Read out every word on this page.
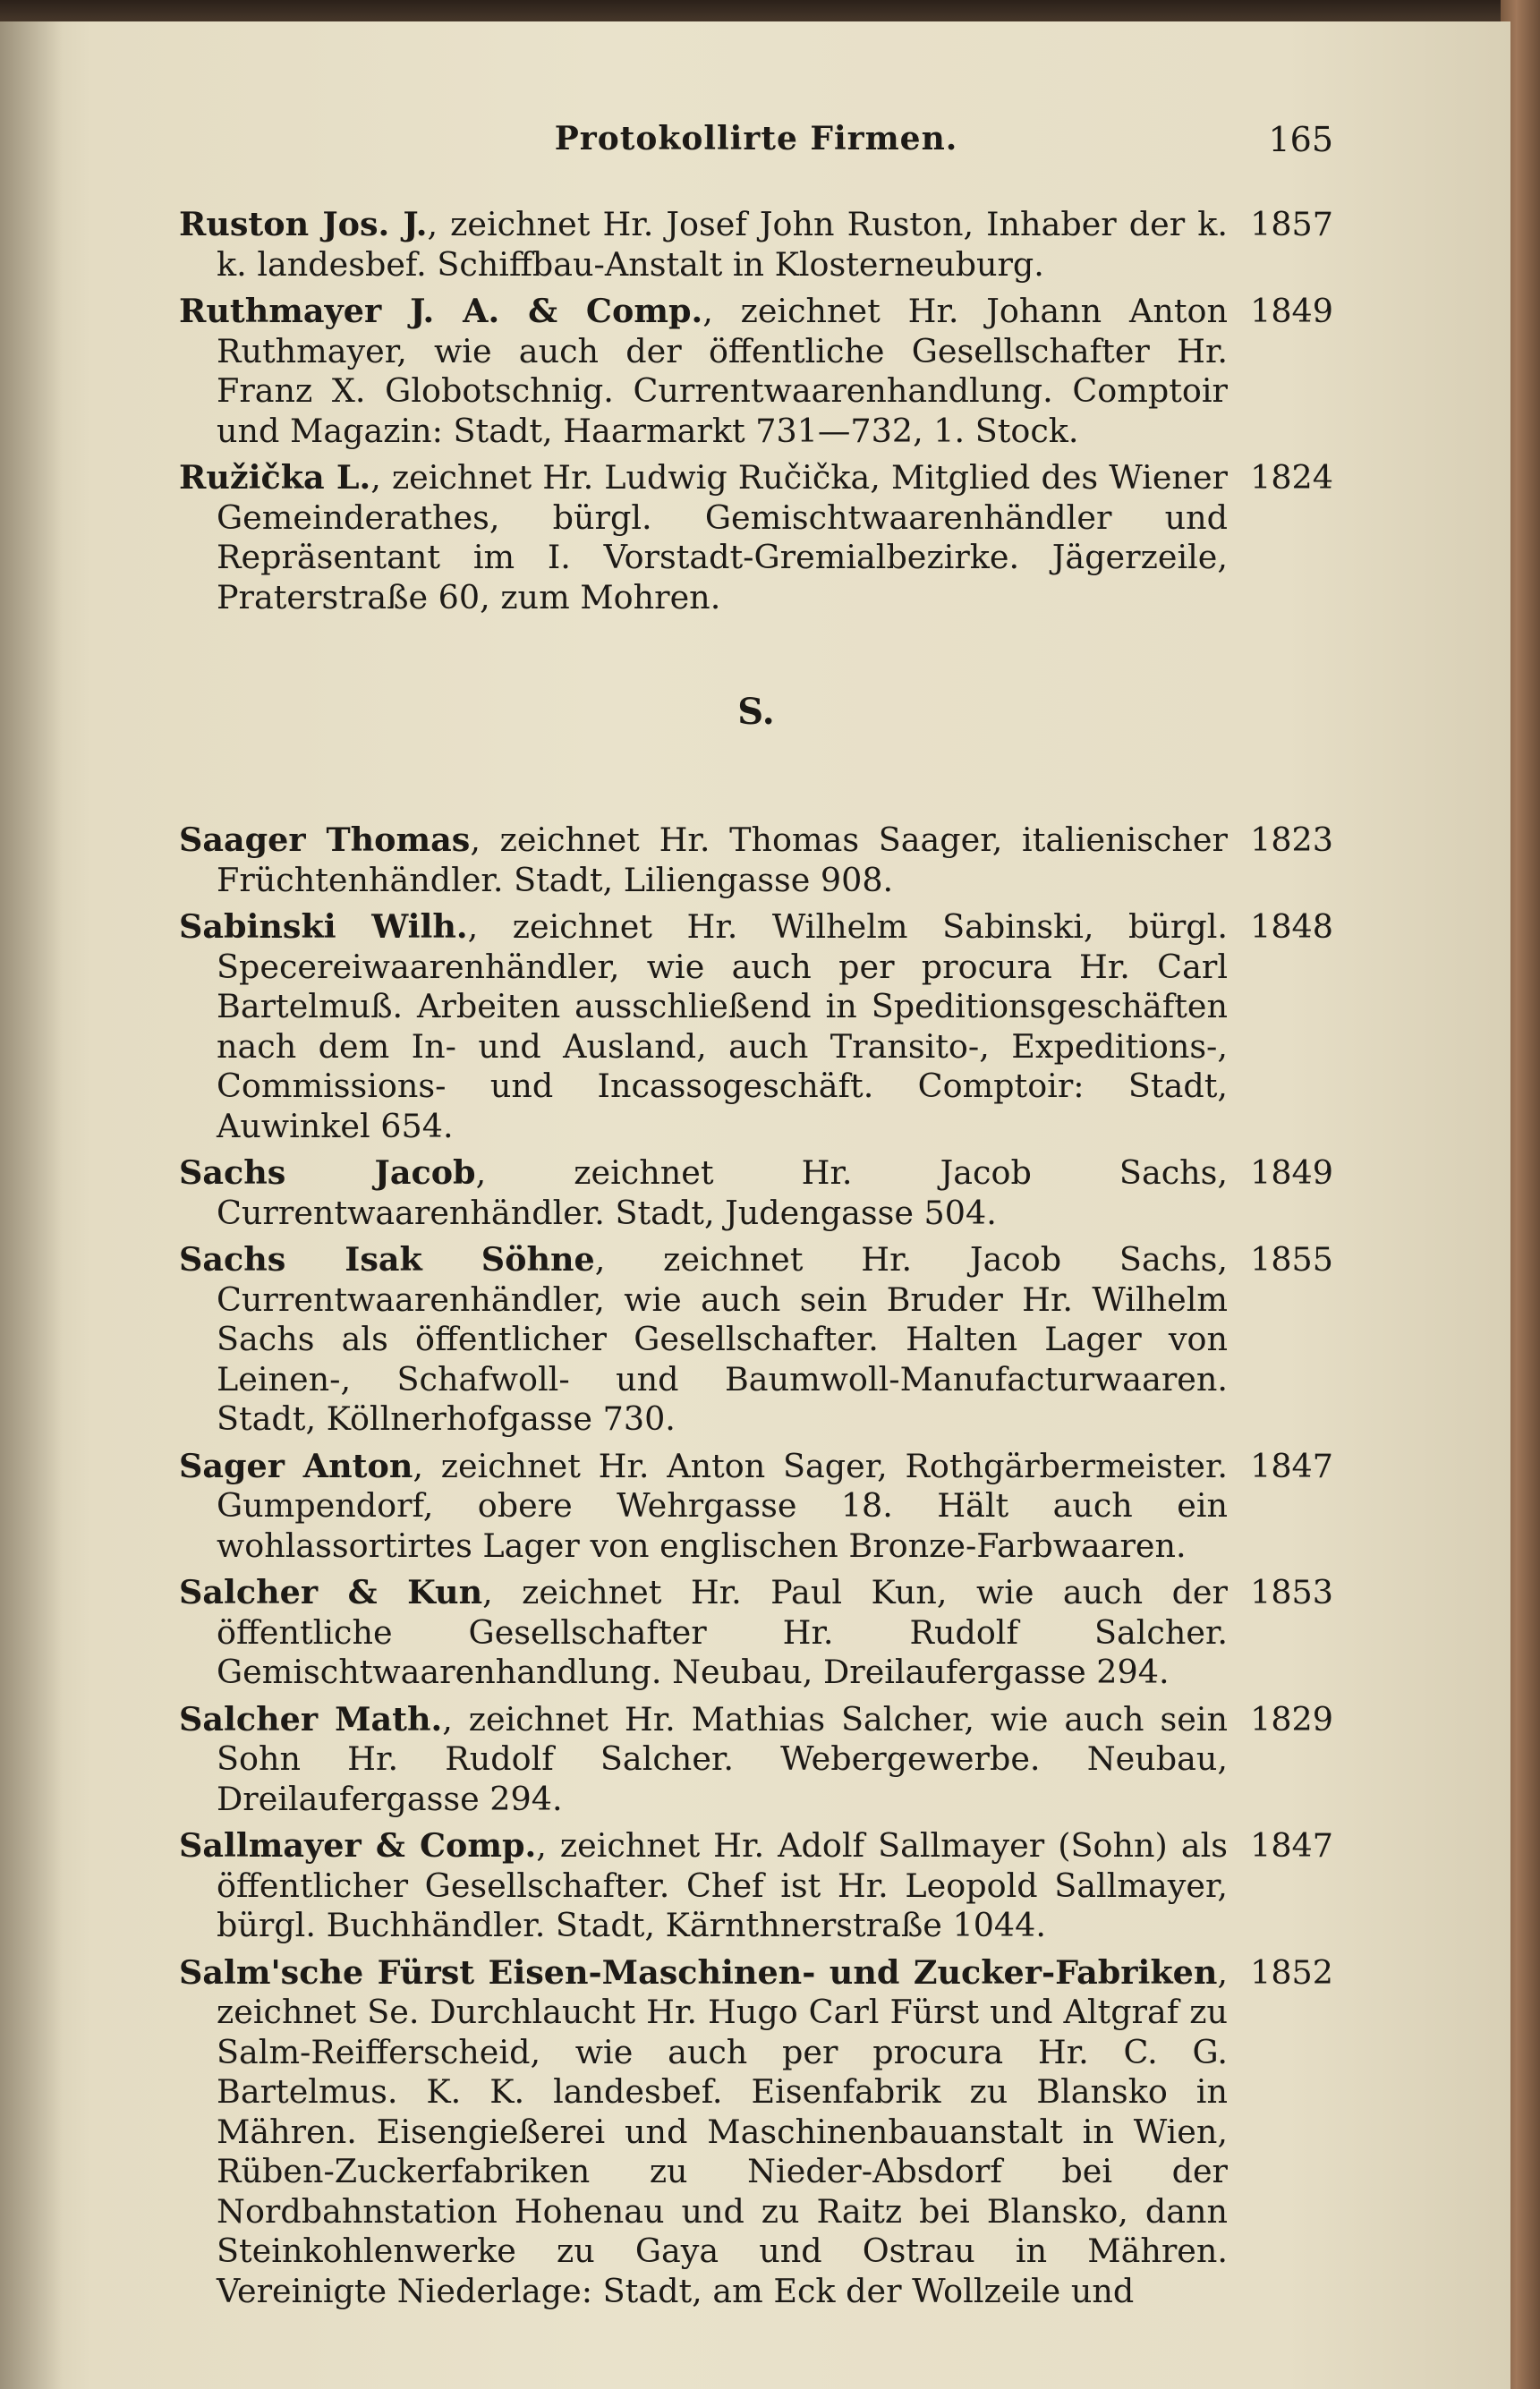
Protokollirte Firmen.	165
Ruston Jos. J., zeichnet Hr. Josef John Ruston, Inhaber der k. k. landesbef. Schiffbau-Anstalt in Klosterneuburg.
1857
Ruthmayer J. A. & Comp., zeichnet Hr. Johann Anton Ruthmayer, wie auch der öffentliche Gesellschafter Hr. Franz X. Globotschnig. Currentwaarenhandlung. Comptoir und Magazin: Stadt, Haarmarkt 731—732, 1. Stock.
1849
Ružička L., zeichnet Hr. Ludwig Ručička, Mitglied des Wiener Gemeinderathes, bürgl. Gemischtwaarenhändler und Repräsentant im I. Vorstadt-Gremialbezirke. Jägerzeile, Praterstraße 60, zum Mohren.
1824
S.
Saager Thomas, zeichnet Hr. Thomas Saager, italienischer Früchtenhändler. Stadt, Liliengasse 908.
1823
Sabinski Wilh., zeichnet Hr. Wilhelm Sabinski, bürgl. Specereiwaarenhändler, wie auch per procura Hr. Carl Bartelmuß. Arbeiten ausschließend in Speditionsgeschäften nach dem In- und Ausland, auch Transito-, Expeditions-, Commissions- und Incassogeschäft. Comptoir: Stadt, Auwinkel 654.
1848
Sachs Jacob, zeichnet Hr. Jacob Sachs, Currentwaarenhändler. Stadt, Judengasse 504.
1849
Sachs Isak Söhne, zeichnet Hr. Jacob Sachs, Currentwaarenhändler, wie auch sein Bruder Hr. Wilhelm Sachs als öffentlicher Gesellschafter. Halten Lager von Leinen-, Schafwoll- und Baumwoll-Manufacturwaaren. Stadt, Köllnerhofgasse 730.
1855
Sager Anton, zeichnet Hr. Anton Sager, Rothgärbermeister. Gumpendorf, obere Wehrgasse 18. Hält auch ein wohlassortirtes Lager von englischen Bronze-Farbwaaren.
1847
Salcher & Kun, zeichnet Hr. Paul Kun, wie auch der öffentliche Gesellschafter Hr. Rudolf Salcher. Gemischtwaarenhandlung. Neubau, Dreilaufergasse 294.
1853
Salcher Math., zeichnet Hr. Mathias Salcher, wie auch sein Sohn Hr. Rudolf Salcher. Webergewerbe. Neubau, Dreilaufergasse 294.
1829
Sallmayer & Comp., zeichnet Hr. Adolf Sallmayer (Sohn) als öffentlicher Gesellschafter. Chef ist Hr. Leopold Sallmayer, bürgl. Buchhändler. Stadt, Kärnthnerstraße 1044.
1847
Salm'sche Fürst Eisen-Maschinen- und Zucker-Fabriken, zeichnet Se. Durchlaucht Hr. Hugo Carl Fürst und Altgraf zu Salm-Reifferscheid, wie auch per procura Hr. C. G. Bartelmus. K. K. landesbef. Eisenfabrik zu Blansko in Mähren. Eisengießerei und Maschinenbauanstalt in Wien, Rüben-Zuckerfabriken zu Nieder-Absdorf bei der Nordbahnstation Hohenau und zu Raitz bei Blansko, dann Steinkohlenwerke zu Gaya und Ostrau in Mähren. Vereinigte Niederlage: Stadt, am Eck der Wollzeile und
1852
